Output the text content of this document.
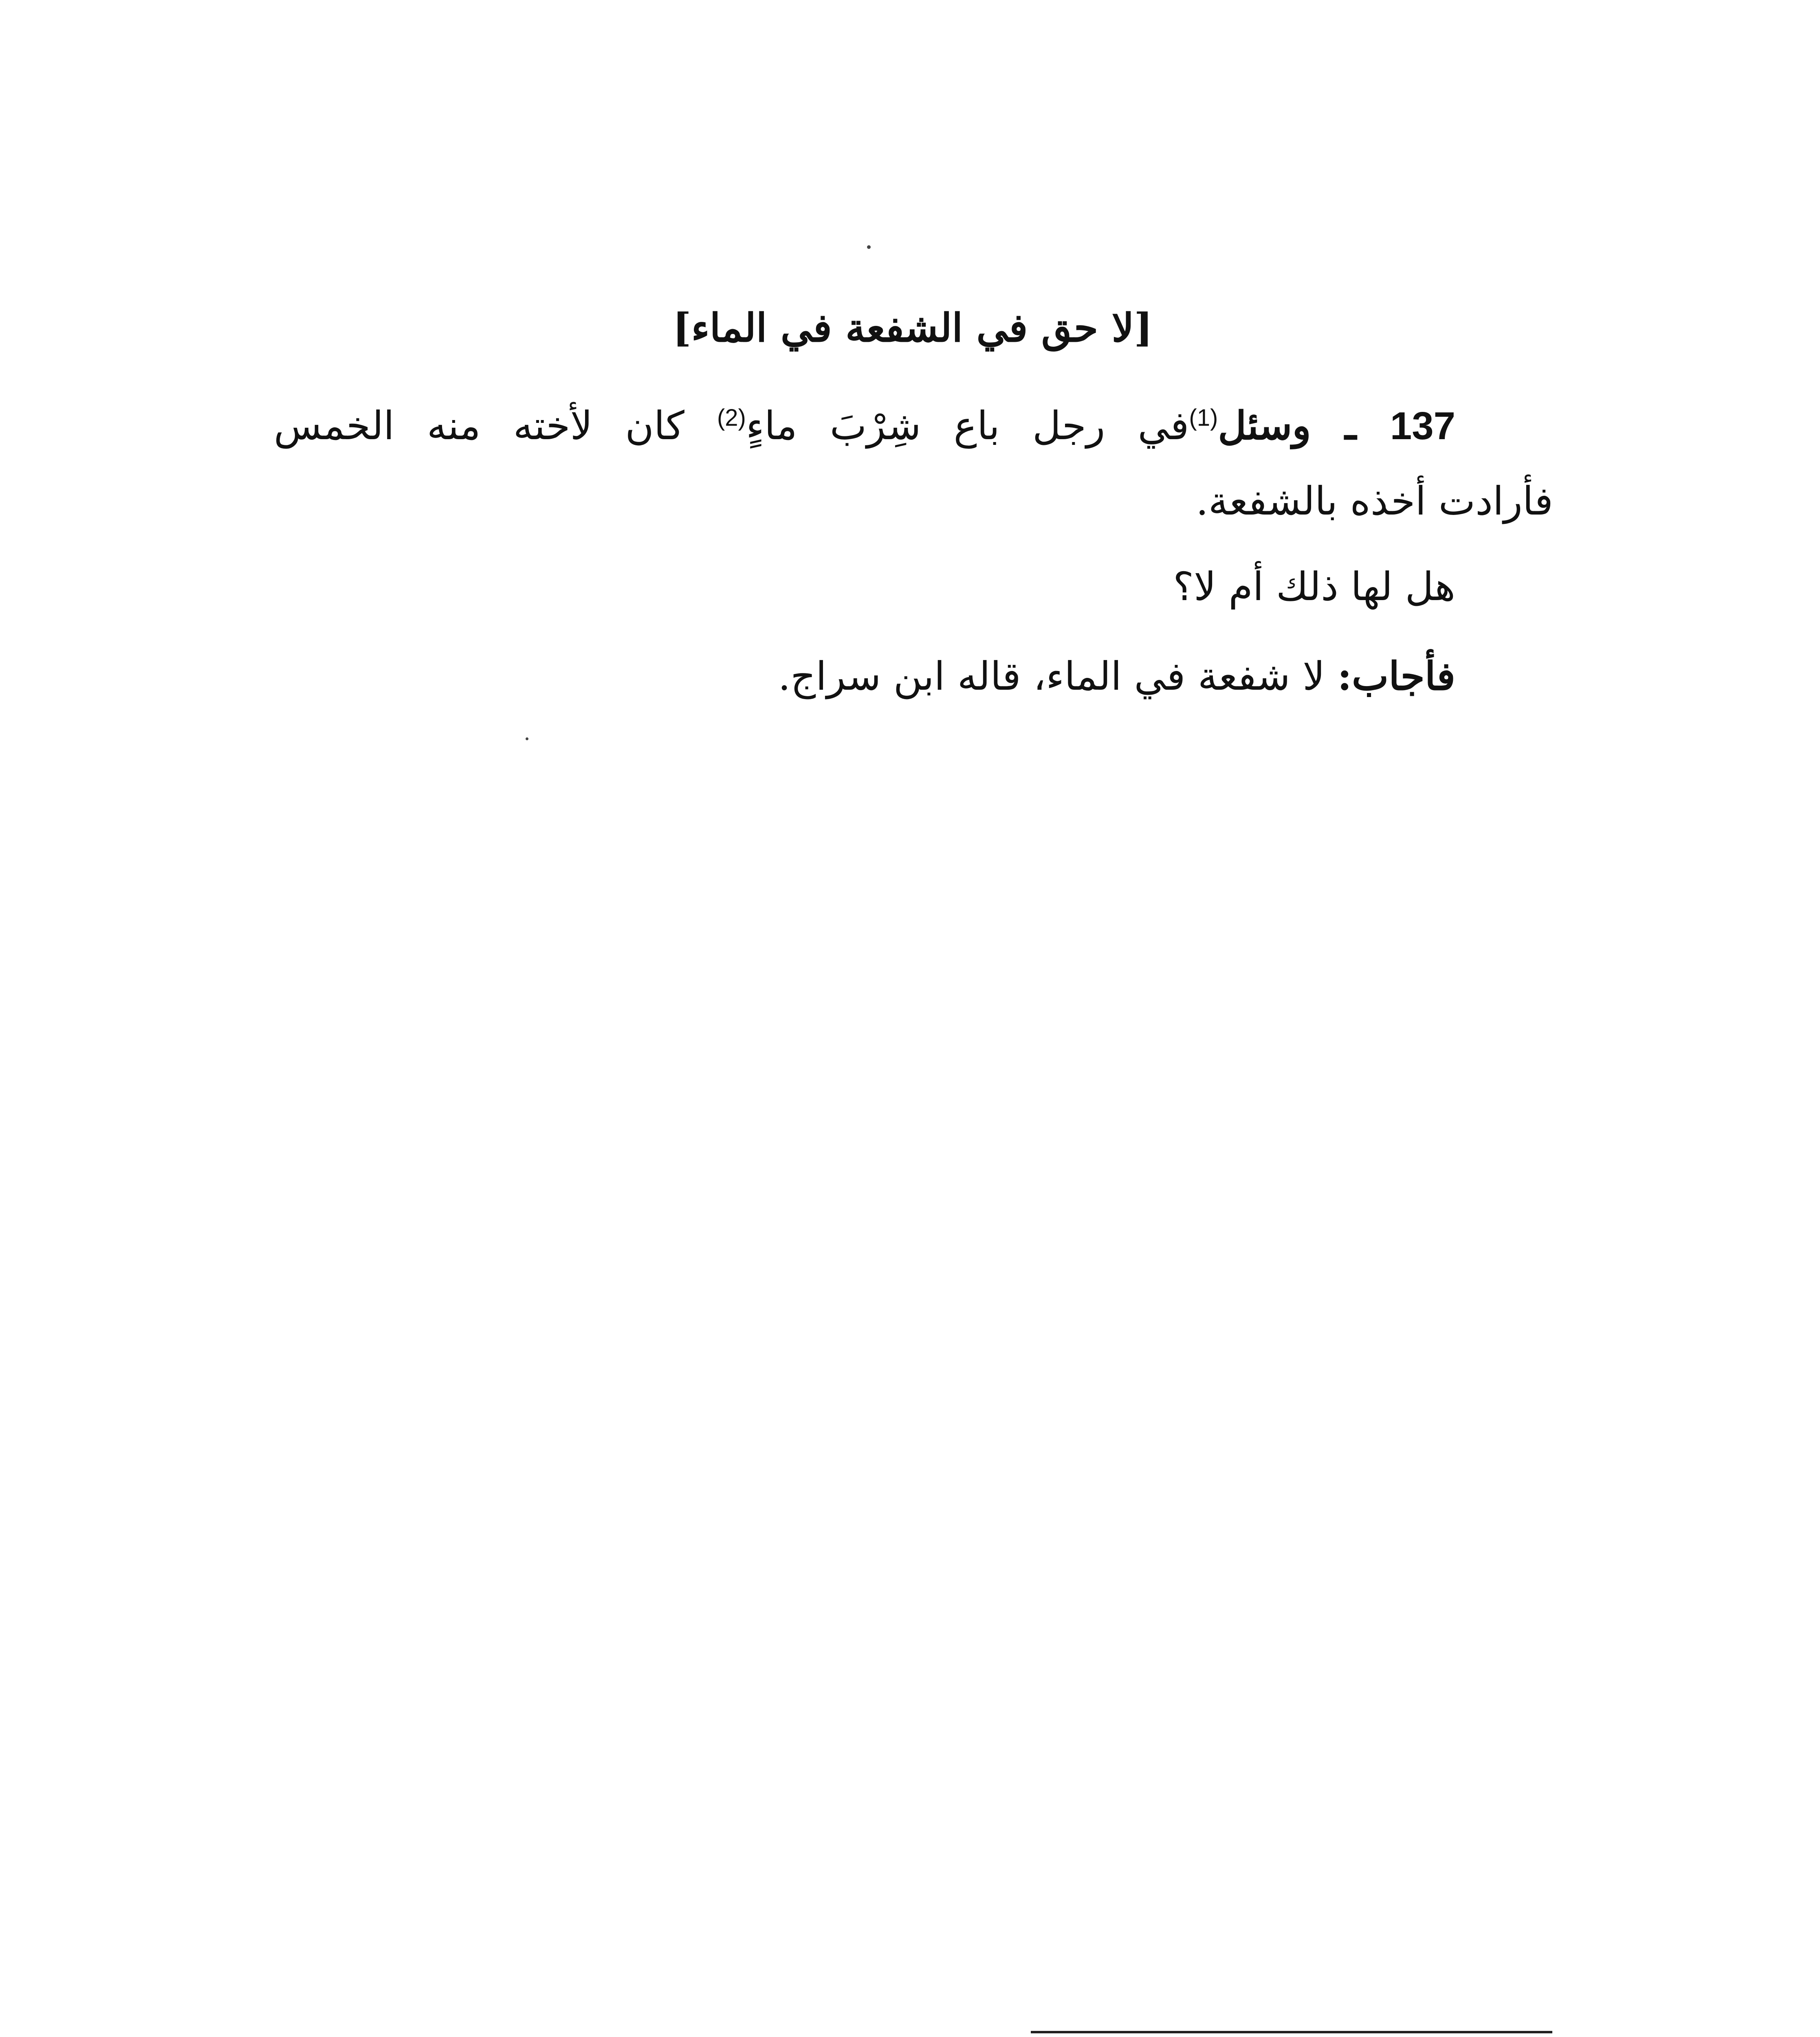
[لا حق في الشفعة في الماء]
137 ـ وسئل$^{(1)}$في رجل باع شِرْبَ ماءٍ$^{(2)}$ كان لأخته منه الخمس
فأرادت أخذه بالشفعة.
هل لها ذلك أم لا؟
فأجاب: لا شفعة في الماء، قاله ابن سراج.
